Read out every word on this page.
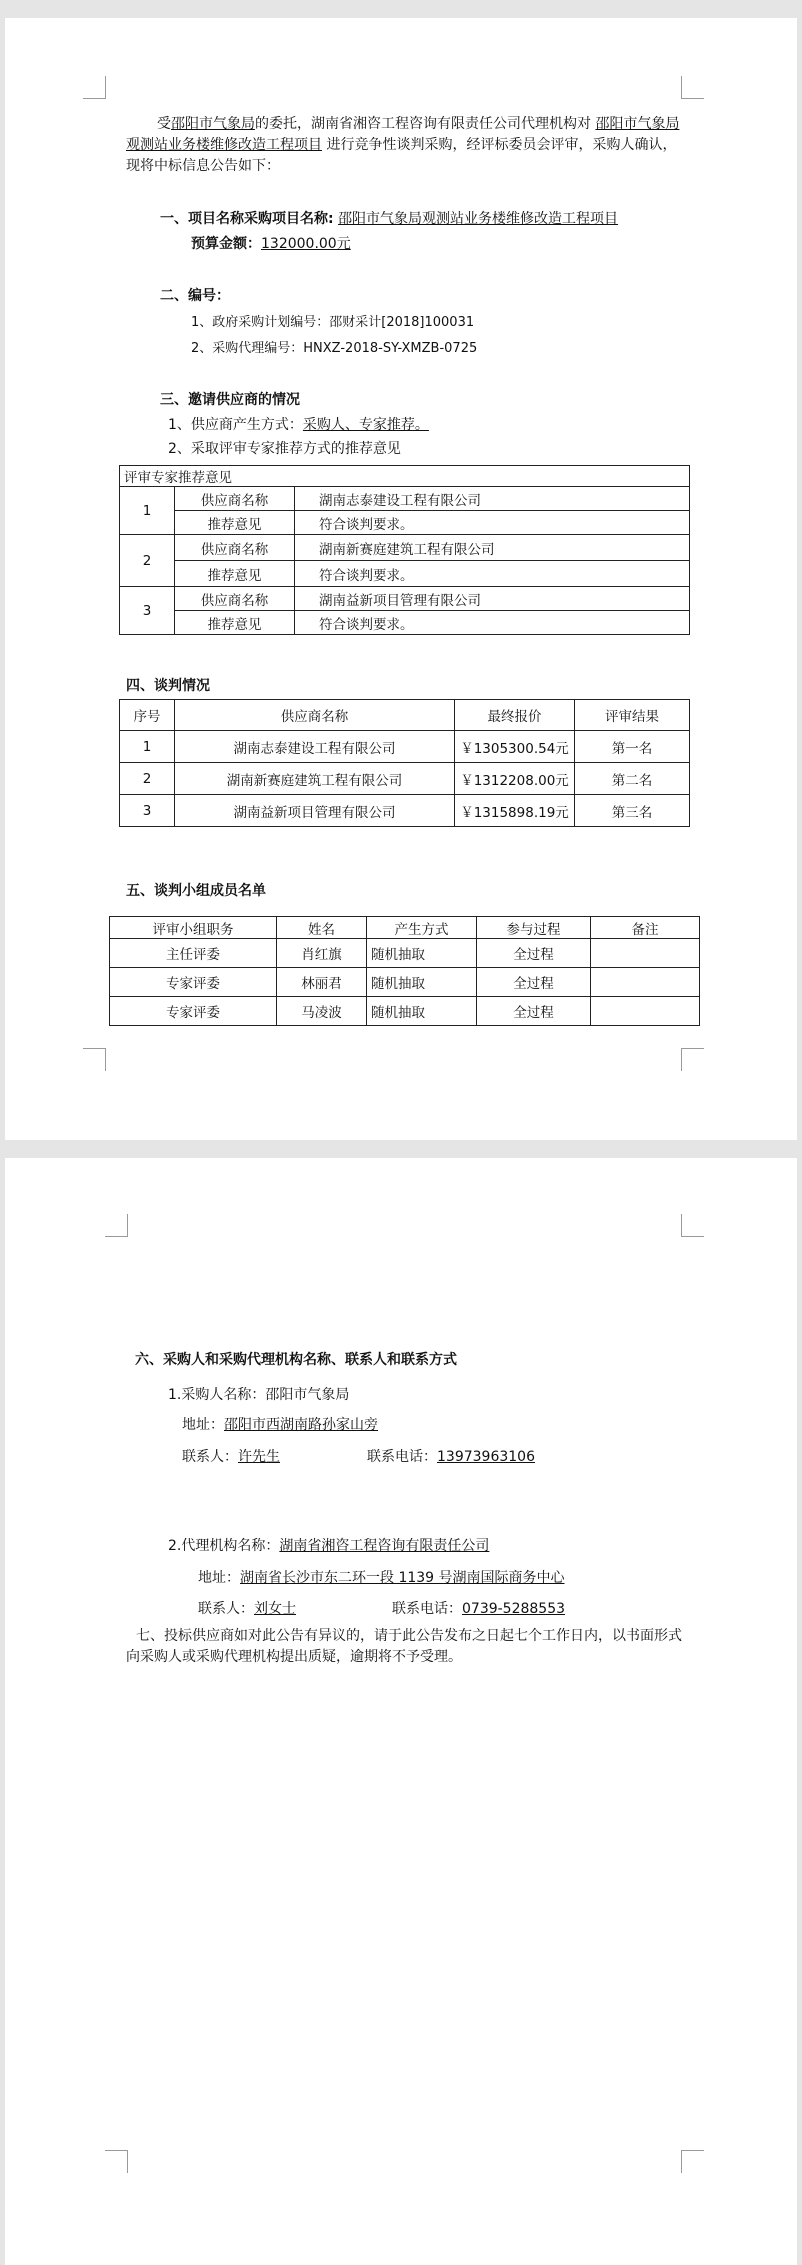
受邵阳市气象局的委托，湖南省湘咨工程咨询有限责任公司代理机构对 邵阳市气象局
观测站业务楼维修改造工程项目 进行竞争性谈判采购，经评标委员会评审，采购人确认，
现将中标信息公告如下：
一、项目名称采购项目名称: 邵阳市气象局观测站业务楼维修改造工程项目
预算金额：132000.00元
二、编号：
1、政府采购计划编号：邵财采计[2018]100031
2、采购代理编号：HNXZ-2018-SY-XMZB-0725
三、邀请供应商的情况
1、供应商产生方式：采购人、专家推荐。
2、采取评审专家推荐方式的推荐意见
评审专家推荐意见		
1	供应商名称	湖南志泰建设工程有限公司
	推荐意见	符合谈判要求。
2	供应商名称	湖南新赛庭建筑工程有限公司
	推荐意见	符合谈判要求。
3	供应商名称	湖南益新项目管理有限公司
	推荐意见	符合谈判要求。
四、谈判情况
序号	供应商名称	最终报价	评审结果
1	湖南志泰建设工程有限公司	￥1305300.54元	第一名
2	湖南新赛庭建筑工程有限公司	￥1312208.00元	第二名
3	湖南益新项目管理有限公司	￥1315898.19元	第三名
五、谈判小组成员名单
评审小组职务	姓名	产生方式	参与过程	备注
主任评委	肖红旗	随机抽取	全过程	
专家评委	林丽君	随机抽取	全过程	
专家评委	马凌波	随机抽取	全过程	
六、采购人和采购代理机构名称、联系人和联系方式
1.采购人名称：邵阳市气象局
地址：邵阳市西湖南路孙家山旁
联系人：许先生	联系电话：13973963106
2.代理机构名称：湖南省湘咨工程咨询有限责任公司
地址：湖南省长沙市东二环一段 1139 号湖南国际商务中心
联系人：刘女士	联系电话：0739-5288553
七、投标供应商如对此公告有异议的，请于此公告发布之日起七个工作日内，以书面形式
向采购人或采购代理机构提出质疑，逾期将不予受理。
